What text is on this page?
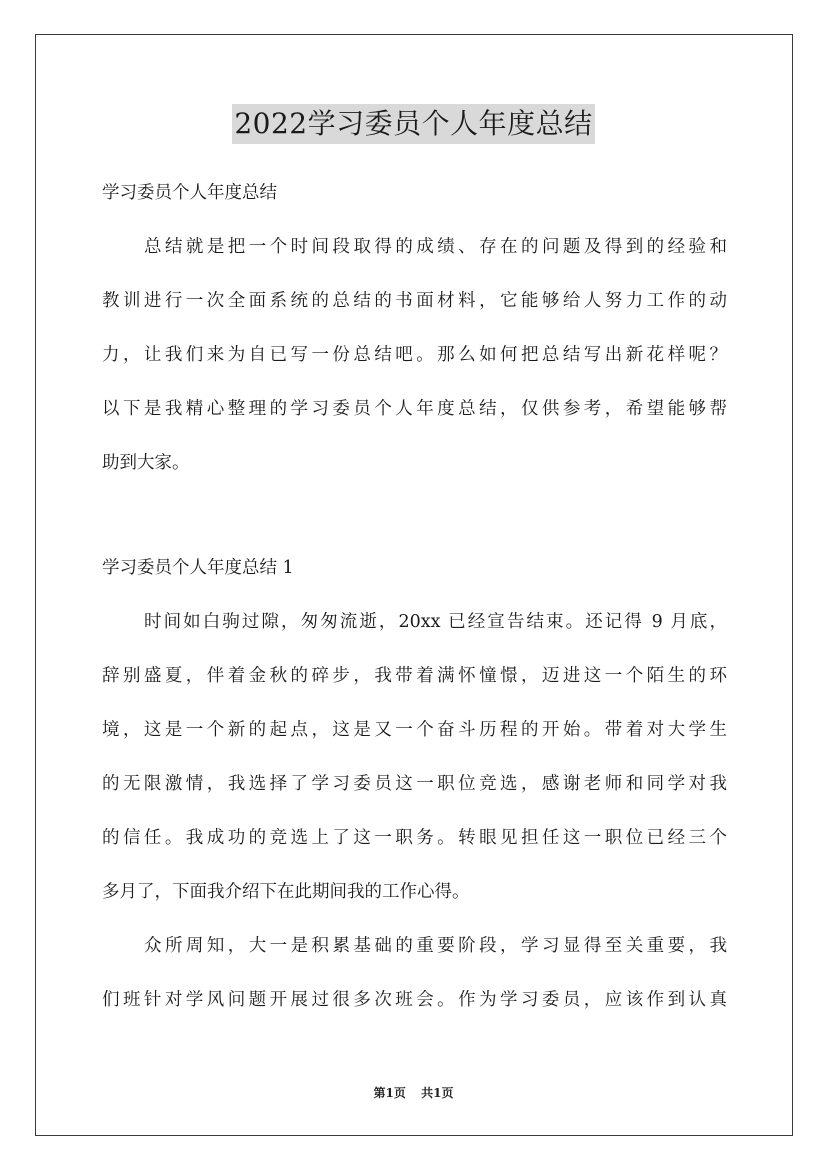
2022学习委员个人年度总结
学习委员个人年度总结
总结就是把一个时间段取得的成绩、存在的问题及得到的经验和
教训进行一次全面系统的总结的书面材料，它能够给人努力工作的动
力，让我们来为自已写一份总结吧。那么如何把总结写出新花样呢？
以下是我精心整理的学习委员个人年度总结，仅供参考，希望能够帮
助到大家。
学习委员个人年度总结 1
时间如白驹过隙，匆匆流逝，20xx 已经宣告结束。还记得 9 月底，
辞别盛夏，伴着金秋的碎步，我带着满怀憧憬，迈进这一个陌生的环
境，这是一个新的起点，这是又一个奋斗历程的开始。带着对大学生
的无限激情，我选择了学习委员这一职位竞选，感谢老师和同学对我
的信任。我成功的竞选上了这一职务。转眼见担任这一职位已经三个
多月了，下面我介绍下在此期间我的工作心得。
众所周知，大一是积累基础的重要阶段，学习显得至关重要，我
们班针对学风问题开展过很多次班会。作为学习委员，应该作到认真
第1页 共1页
